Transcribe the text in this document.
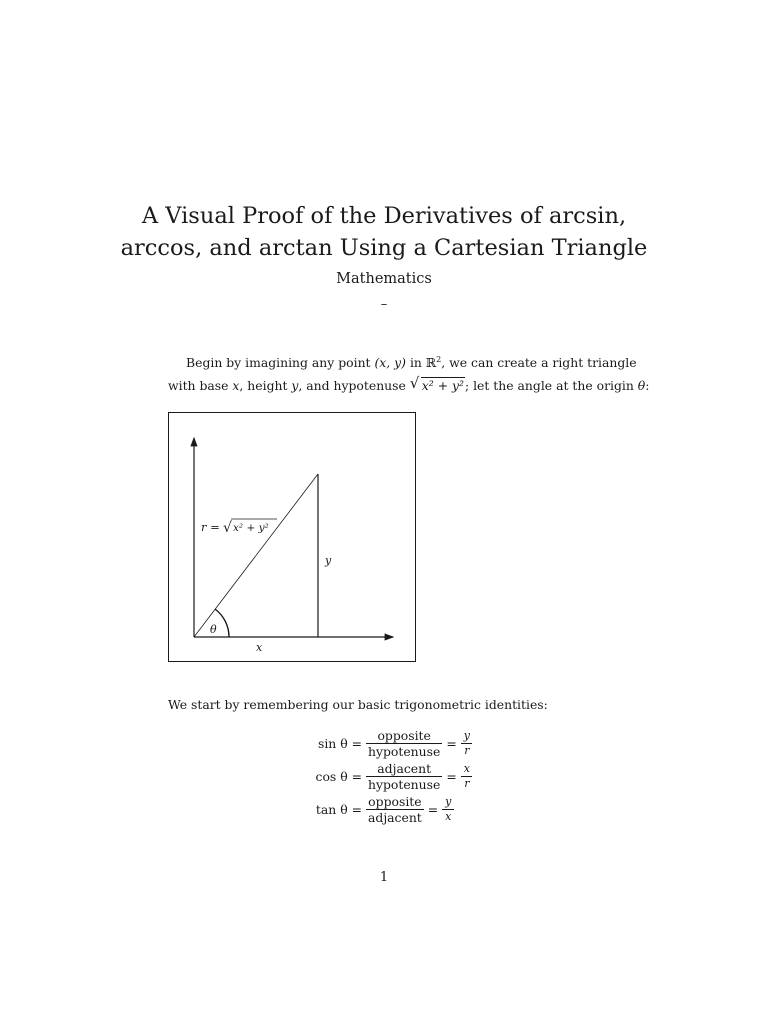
A Visual Proof of the Derivatives of arcsin,
arccos, and arctan Using a Cartesian Triangle
Mathematics
–
Begin by imagining any point (x, y) in ℝ$^2$, we can create a right triangle
with base x, height y, and hypotenuse √ x² + y²; let the angle at the origin θ:
r = √ x² + y²
y
θ
x
We start by remembering our basic trigonometric identities:
$\sin \theta = \frac{\text{opposite}}{\text{hypotenuse}} = \frac{y}{r}$
$\cos \theta = \frac{\text{adjacent}}{\text{hypotenuse}} = \frac{x}{r}$
$\tan \theta = \frac{\text{opposite}}{\text{adjacent}} = \frac{y}{x}$
1
